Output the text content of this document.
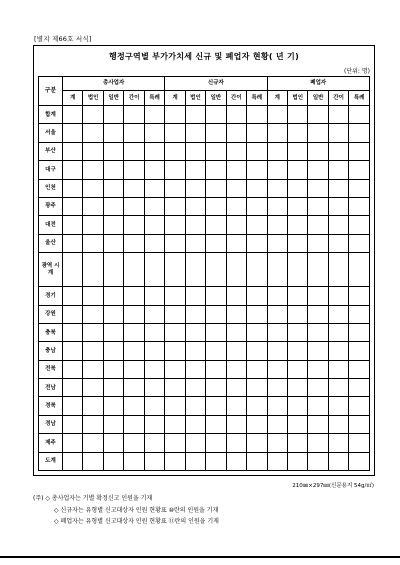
[별지 제66호 서식]
행정구역별 부가가치세 신규 및 폐업자 현황( 년 기)
(단위: 명)
구분	총사업자					신규자					폐업자				
	계	법인	일반	간이	특례	계	법인	일반	간이	특례	계	법인	일반	간이	특례
합계															
서울															
부산															
대구															
인천															
광주															
대전															
울산															
광역 시계															
경기															
강원															
충북															
충남															
전북															
전남															
경북															
경남															
제주															
도계															
210㎜×297㎜(신문용지 54g/㎡)
(주) ◇ 총사업자는 기별 확정신고 인원을 기재
◇ 신규자는 유형별 신고대상자 인원 현황표 ⑩란의 인원을 기재
◇ 폐업자는 유형별 신고대상자 인원 현황표 ⑪란의 인원을 기재
